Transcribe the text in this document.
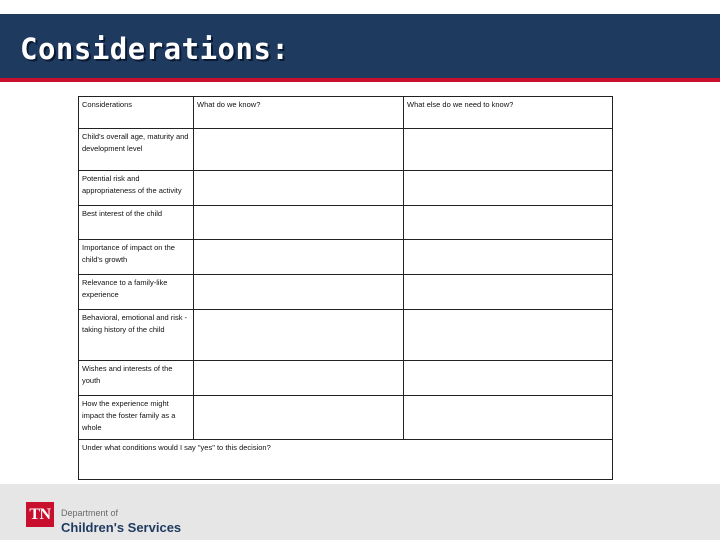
Considerations:
Considerations	What do we know?	What else do we need to know?
Child's overall age, maturity and development level		
Potential risk and appropriateness of the activity		
Best interest of the child		
Importance of impact on the child's growth		
Relevance to a family-like experience		
Behavioral, emotional and risk -taking history of the child		
Wishes and interests of the youth		
How the experience might impact the foster family as a whole		
Under what conditions would I say "yes" to this decision?		
TN	Department of
Children's Services
